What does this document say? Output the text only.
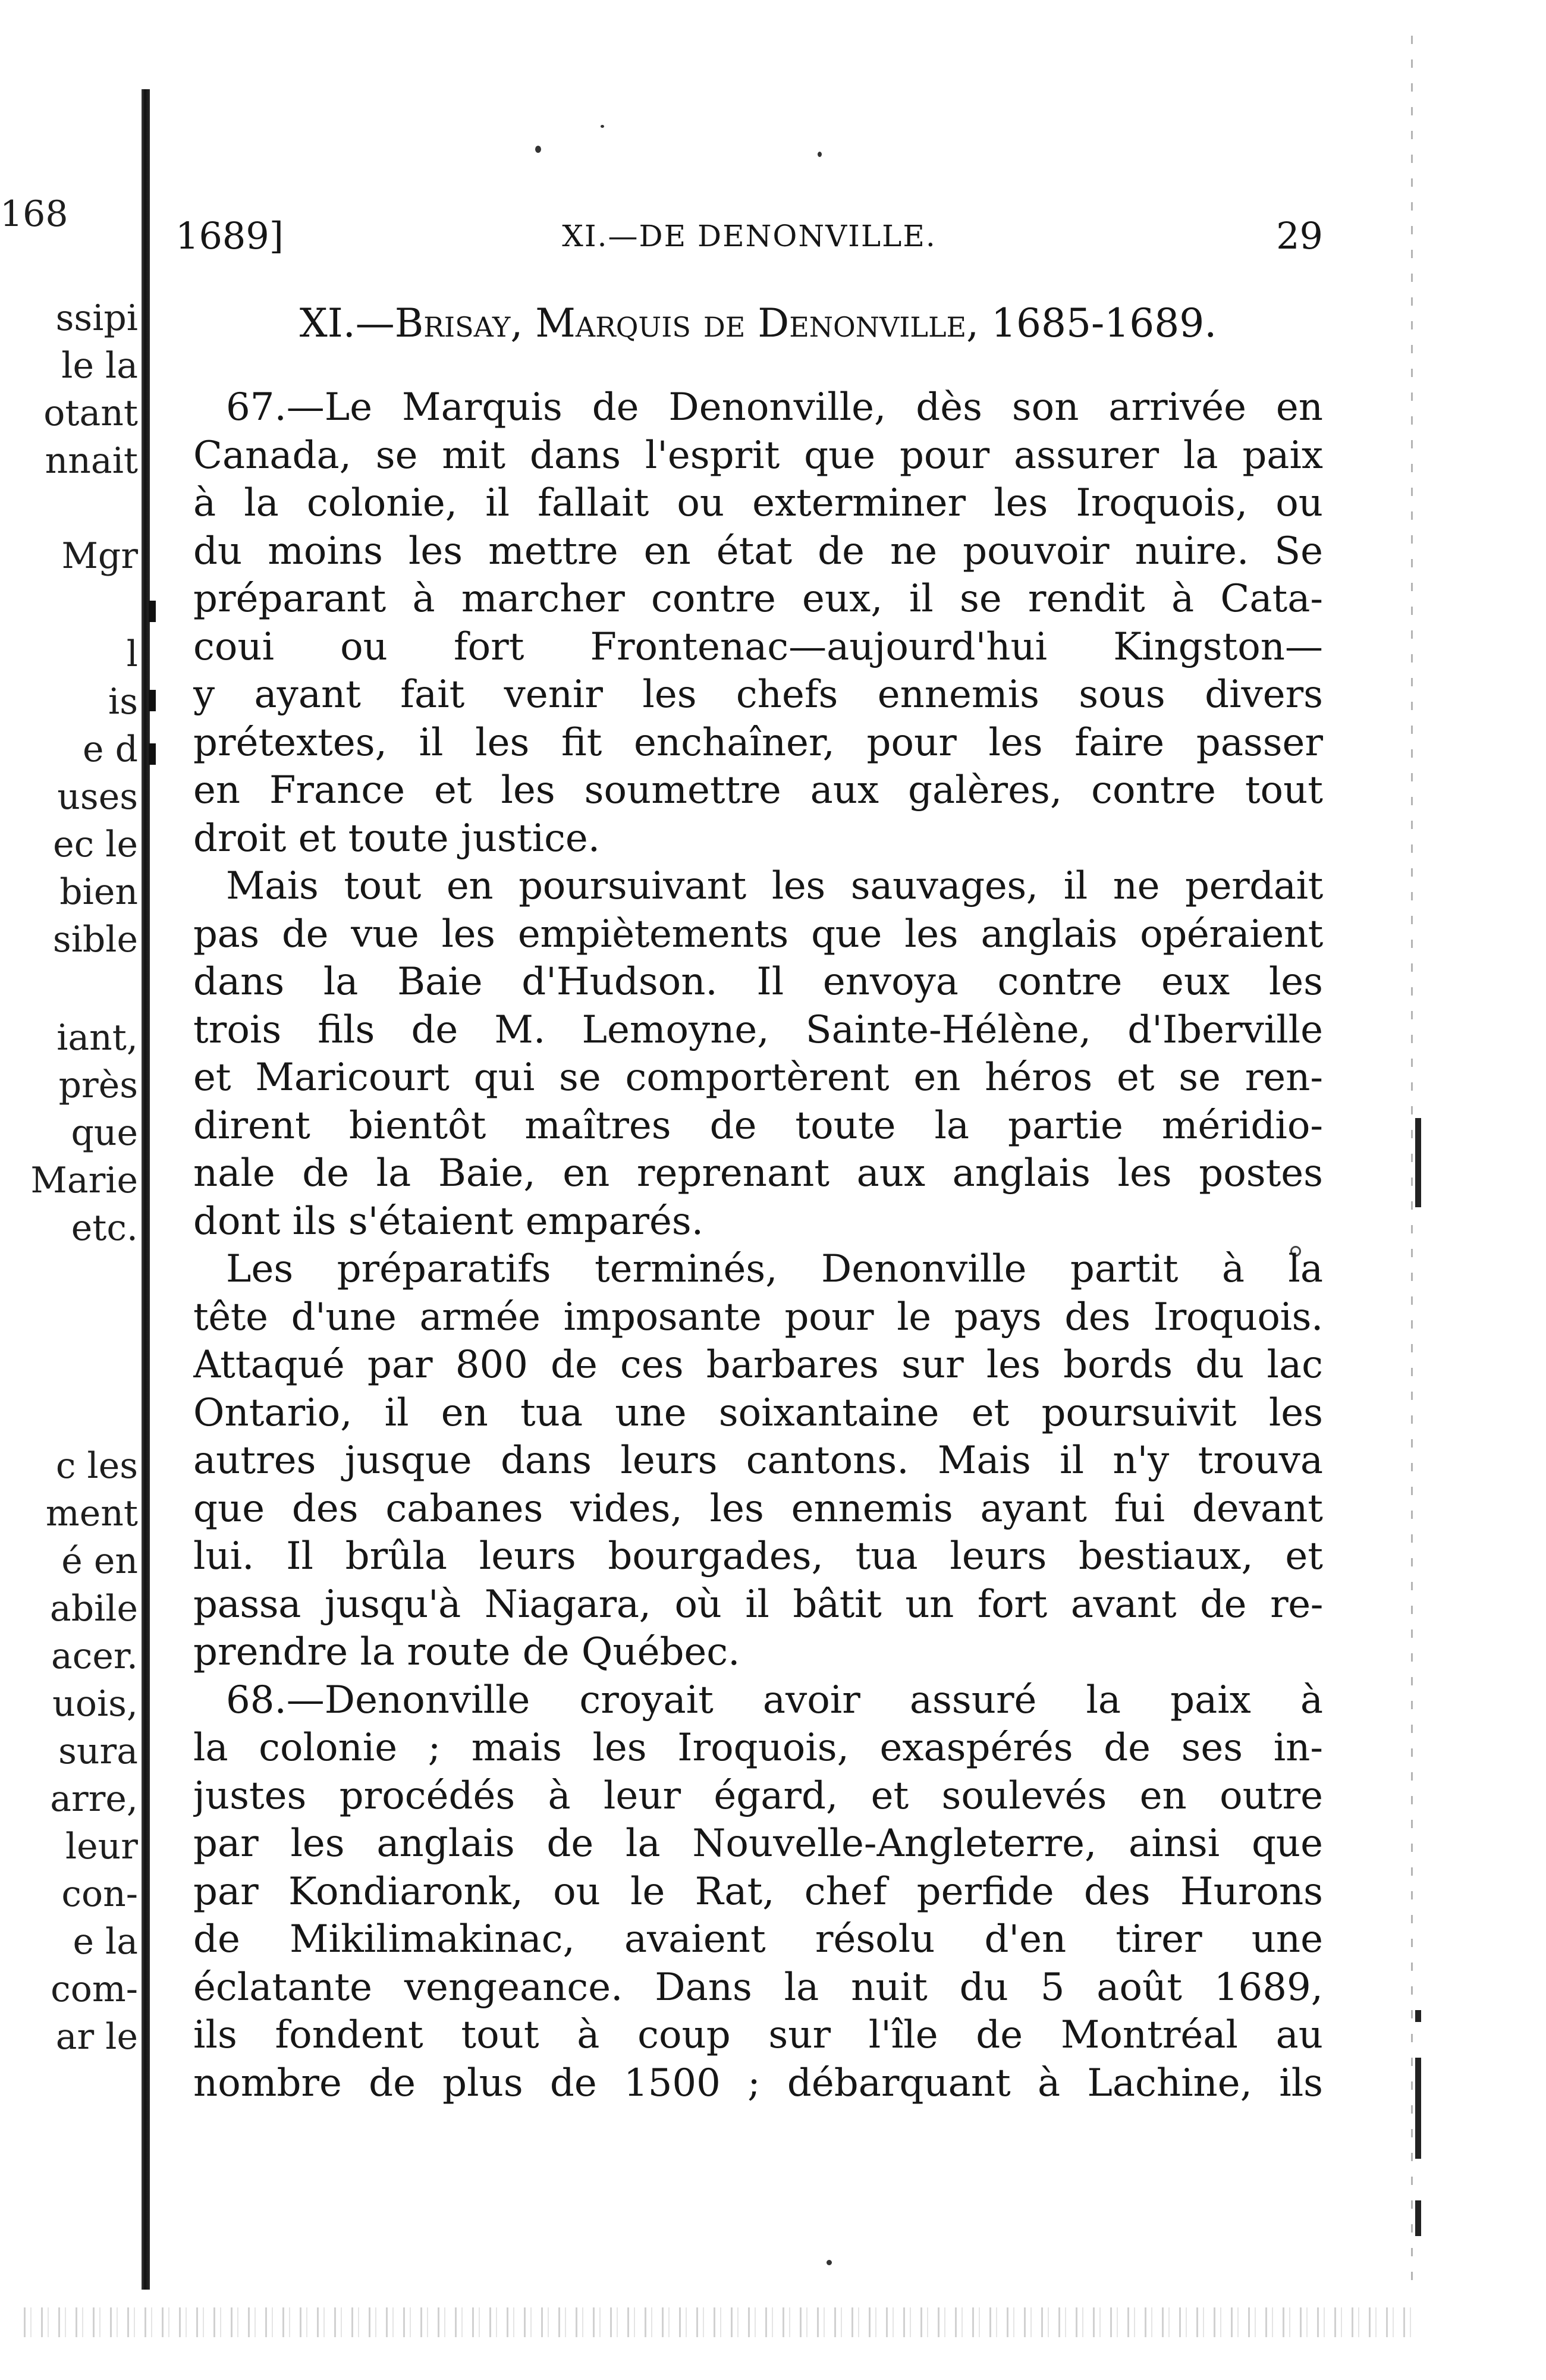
168
ssipi
le la
otant
nnait
Mgr
l
is
e d
uses
ec le
bien
sible
iant,
près
que
Marie
etc.
c les
ment
é en
abile
acer.
uois,
sura
arre,
leur
con-
e la
com-
ar le
1689]	XI.—DE DENONVILLE.	29
XI.—Brisay, Marquis de Denonville, 1685-1689.
67.—Le Marquis de Denonville, dès son arrivée en
Canada, se mit dans l'esprit que pour assurer la paix
à la colonie, il fallait ou exterminer les Iroquois, ou
du moins les mettre en état de ne pouvoir nuire. Se
préparant à marcher contre eux, il se rendit à Cata-
coui ou fort Frontenac—aujourd'hui Kingston—
y ayant fait venir les chefs ennemis sous divers
prétextes, il les fit enchaîner, pour les faire passer
en France et les soumettre aux galères, contre tout
droit et toute justice.
Mais tout en poursuivant les sauvages, il ne perdait
pas de vue les empiètements que les anglais opéraient
dans la Baie d'Hudson. Il envoya contre eux les
trois fils de M. Lemoyne, Sainte-Hélène, d'Iberville
et Maricourt qui se comportèrent en héros et se ren-
dirent bientôt maîtres de toute la partie méridio-
nale de la Baie, en reprenant aux anglais les postes
dont ils s'étaient emparés.
Les préparatifs terminés, Denonville partit à la
tête d'une armée imposante pour le pays des Iroquois.
Attaqué par 800 de ces barbares sur les bords du lac
Ontario, il en tua une soixantaine et poursuivit les
autres jusque dans leurs cantons. Mais il n'y trouva
que des cabanes vides, les ennemis ayant fui devant
lui. Il brûla leurs bourgades, tua leurs bestiaux, et
passa jusqu'à Niagara, où il bâtit un fort avant de re-
prendre la route de Québec.
68.—Denonville croyait avoir assuré la paix à
la colonie ; mais les Iroquois, exaspérés de ses in-
justes procédés à leur égard, et soulevés en outre
par les anglais de la Nouvelle-Angleterre, ainsi que
par Kondiaronk, ou le Rat, chef perfide des Hurons
de Mikilimakinac, avaient résolu d'en tirer une
éclatante vengeance. Dans la nuit du 5 août 1689,
ils fondent tout à coup sur l'île de Montréal au
nombre de plus de 1500 ; débarquant à Lachine, ils
